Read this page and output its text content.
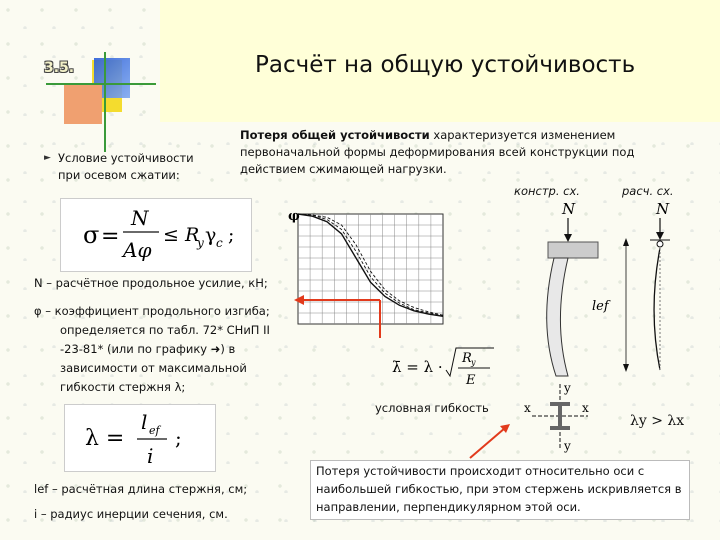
3.5.	Расчёт на общую устойчивость
► Условие устойчивости при осевом сжатии:
σ =
N
Aφ
≤ R
y γ c ;
N – расчётное продольное усилие, кН;
φ – коэффициент продольного изгиба;
определяется по табл. 72* СНиП II
-23-81* (или по графику ➜) в
зависимости от максимальной
гибкости стержня λ;
λ =
l ef
i
;
lef – расчётная длина стержня, см;
i – радиус инерции сечения, см.
Потеря общей устойчивости характеризуется изменением первоначальной формы деформирования всей конструкции под действием сжимающей нагрузки.
констр. сх.	расч. сх.
φ
λ̄ = λ · R y
E
условная гибкость
N	N
lef
y
y
x	x
λy > λx
Потеря устойчивости происходит относительно оси с наибольшей гибкостью, при этом стержень искривляется в направлении, перпендикулярном этой оси.
